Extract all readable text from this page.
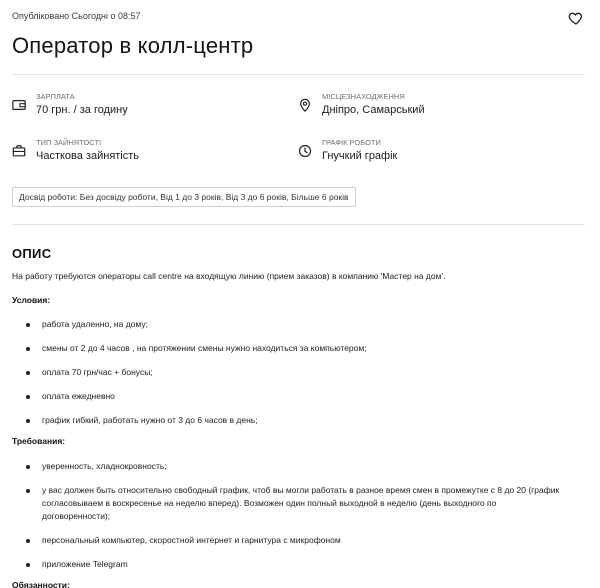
Опубліковано Сьогодні о 08:57
Оператор в колл-центр
ЗАРПЛАТА
70 грн. / за годину
МІСЦЕЗНАХОДЖЕННЯ
Дніпро, Самарський
ТИП ЗАЙНЯТОСТІ
Часткова зайнятість
ГРАФІК РОБОТИ
Гнучкий графік
Досвід роботи: Без досвіду роботи, Від 1 до 3 років, Від 3 до 6 років, Більше 6 років
ОПИС
На работу требуются операторы call centre на входящую линию (прием заказов) в компанию 'Мастер на дом'.
Условия:
работа удаленно, на дому;
смены от 2 до 4 часов , на протяжении смены нужно находиться за компьютером;
оплата 70 грн/час + бонусы;
оплата ежедневно
график гибкий, работать нужно от 3 до 6 часов в день;
Требования:
уверенность, хладнокровность;
у вас должен быть относительно свободный график, чтоб вы могли работать в разное время смен в промежутке с 8 до 20 (график согласовываем в воскресенье на неделю вперед). Возможен один полный выходной в неделю (день выходного по договоренности);
персональный компьютер, скоростной интернет и гарнитура с микрофоном
приложение Telegram
Обязанности:
